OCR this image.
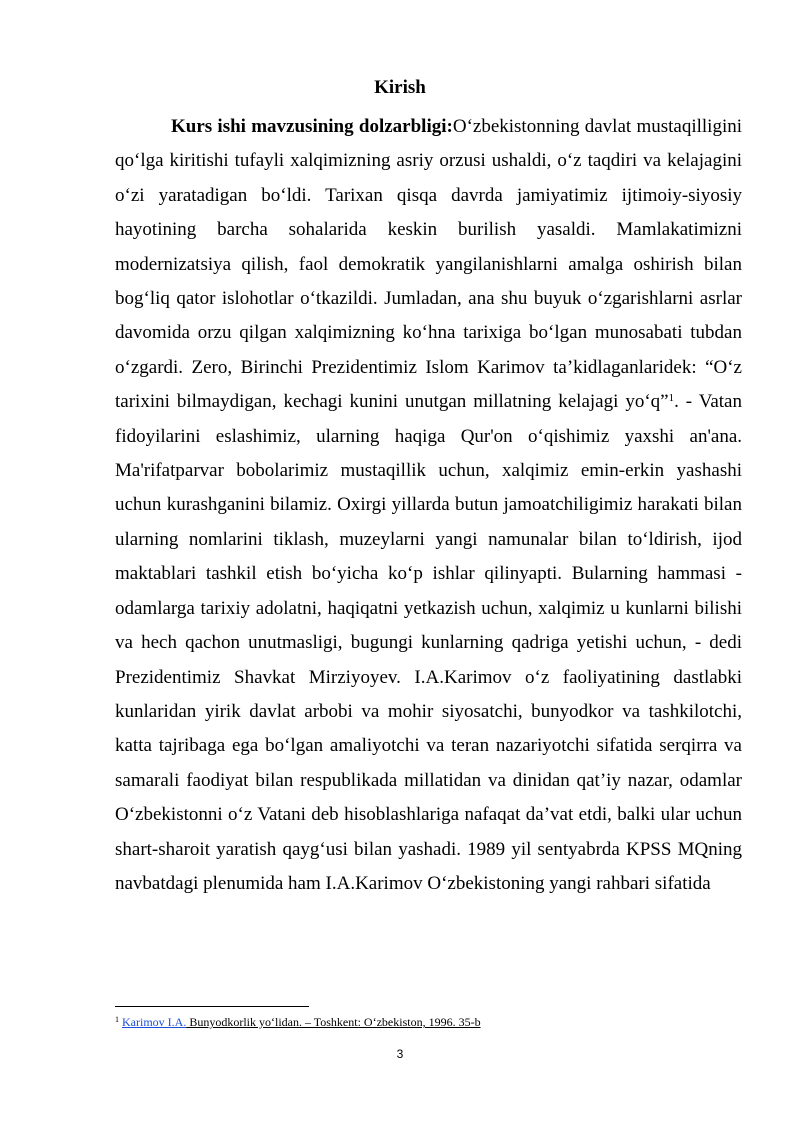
Kirish

Kurs ishi mavzusining dolzarbligi:O‘zbekistonning davlat mustaqilligini qo‘lga kiritishi tufayli xalqimizning asriy orzusi ushaldi, o‘z taqdiri va kelajagini o‘zi yaratadigan bo‘ldi. Tarixan qisqa davrda jamiyatimiz ijtimoiy-siyosiy hayotining barcha sohalarida keskin burilish yasaldi. Mamlakatimizni modernizatsiya qilish, faol demokratik yangilanishlarni amalga oshirish bilan bog‘liq qator islohotlar o‘tkazildi. Jumladan, ana shu buyuk o‘zgarishlarni asrlar davomida orzu qilgan xalqimizning ko‘hna tarixiga bo‘lgan munosabati tubdan o‘zgardi. Zero, Birinchi Prezidentimiz Islom Karimov ta’kidlaganlaridek: “O‘z tarixini bilmaydigan, kechagi kunini unutgan millatning kelajagi yo‘q”$^1$. - Vatan fidoyilarini eslashimiz, ularning haqiga Qur'on o‘qishimiz yaxshi an'ana. Ma'rifatparvar bobolarimiz mustaqillik uchun, xalqimiz emin-erkin yashashi uchun kurashganini bilamiz. Oxirgi yillarda butun jamoatchiligimiz harakati bilan ularning nomlarini tiklash, muzeylarni yangi namunalar bilan to‘ldirish, ijod maktablari tashkil etish bo‘yicha ko‘p ishlar qilinyapti. Bularning hammasi - odamlarga tarixiy adolatni, haqiqatni yetkazish uchun, xalqimiz u kunlarni bilishi va hech qachon unutmasligi, bugungi kunlarning qadriga yetishi uchun, - dedi Prezidentimiz Shavkat Mirziyoyev. I.A.Karimov o‘z faoliyatining dastlabki kunlaridan yirik davlat arbobi va mohir siyosatchi, bunyodkor va tashkilotchi, katta tajribaga ega bo‘lgan amaliyotchi va teran nazariyotchi sifatida serqirra va samarali faodiyat bilan respublikada millatidan va dinidan qat’iy nazar, odamlar O‘zbekistonni o‘z Vatani deb hisoblashlariga nafaqat da’vat etdi, balki ular uchun shart-sharoit yaratish qayg‘usi bilan yashadi. 1989 yil sentyabrda KPSS MQning navbatdagi plenumida ham I.A.Karimov O‘zbekistoning yangi rahbari sifatida

$^1$ Karimov I.A. Bunyodkorlik yo‘lidan. – Toshkent: O‘zbekiston, 1996. 35-b
3
